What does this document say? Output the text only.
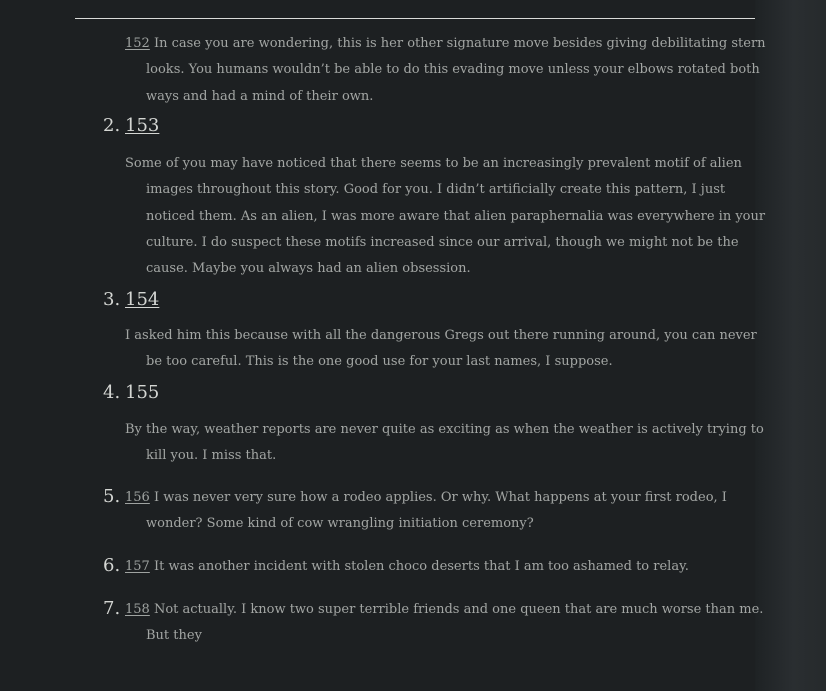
152 In case you are wondering, this is her other signature move besides giving debilitating stern looks. You humans wouldn’t be able to do this evading move unless your elbows rotated both ways and had a mind of their own.
2. 153
Some of you may have noticed that there seems to be an increasingly prevalent motif of alien images throughout this story. Good for you. I didn’t artificially create this pattern, I just noticed them. As an alien, I was more aware that alien paraphernalia was everywhere in your culture. I do suspect these motifs increased since our arrival, though we might not be the cause. Maybe you always had an alien obsession.
3. 154
I asked him this because with all the dangerous Gregs out there running around, you can never be too careful. This is the one good use for your last names, I suppose.
4. 155
By the way, weather reports are never quite as exciting as when the weather is actively trying to kill you. I miss that.
5. 156 I was never very sure how a rodeo applies. Or why. What happens at your first rodeo, I wonder? Some kind of cow wrangling initiation ceremony?
6. 157 It was another incident with stolen choco deserts that I am too ashamed to relay.
7. 158 Not actually. I know two super terrible friends and one queen that are much worse than me. But they
